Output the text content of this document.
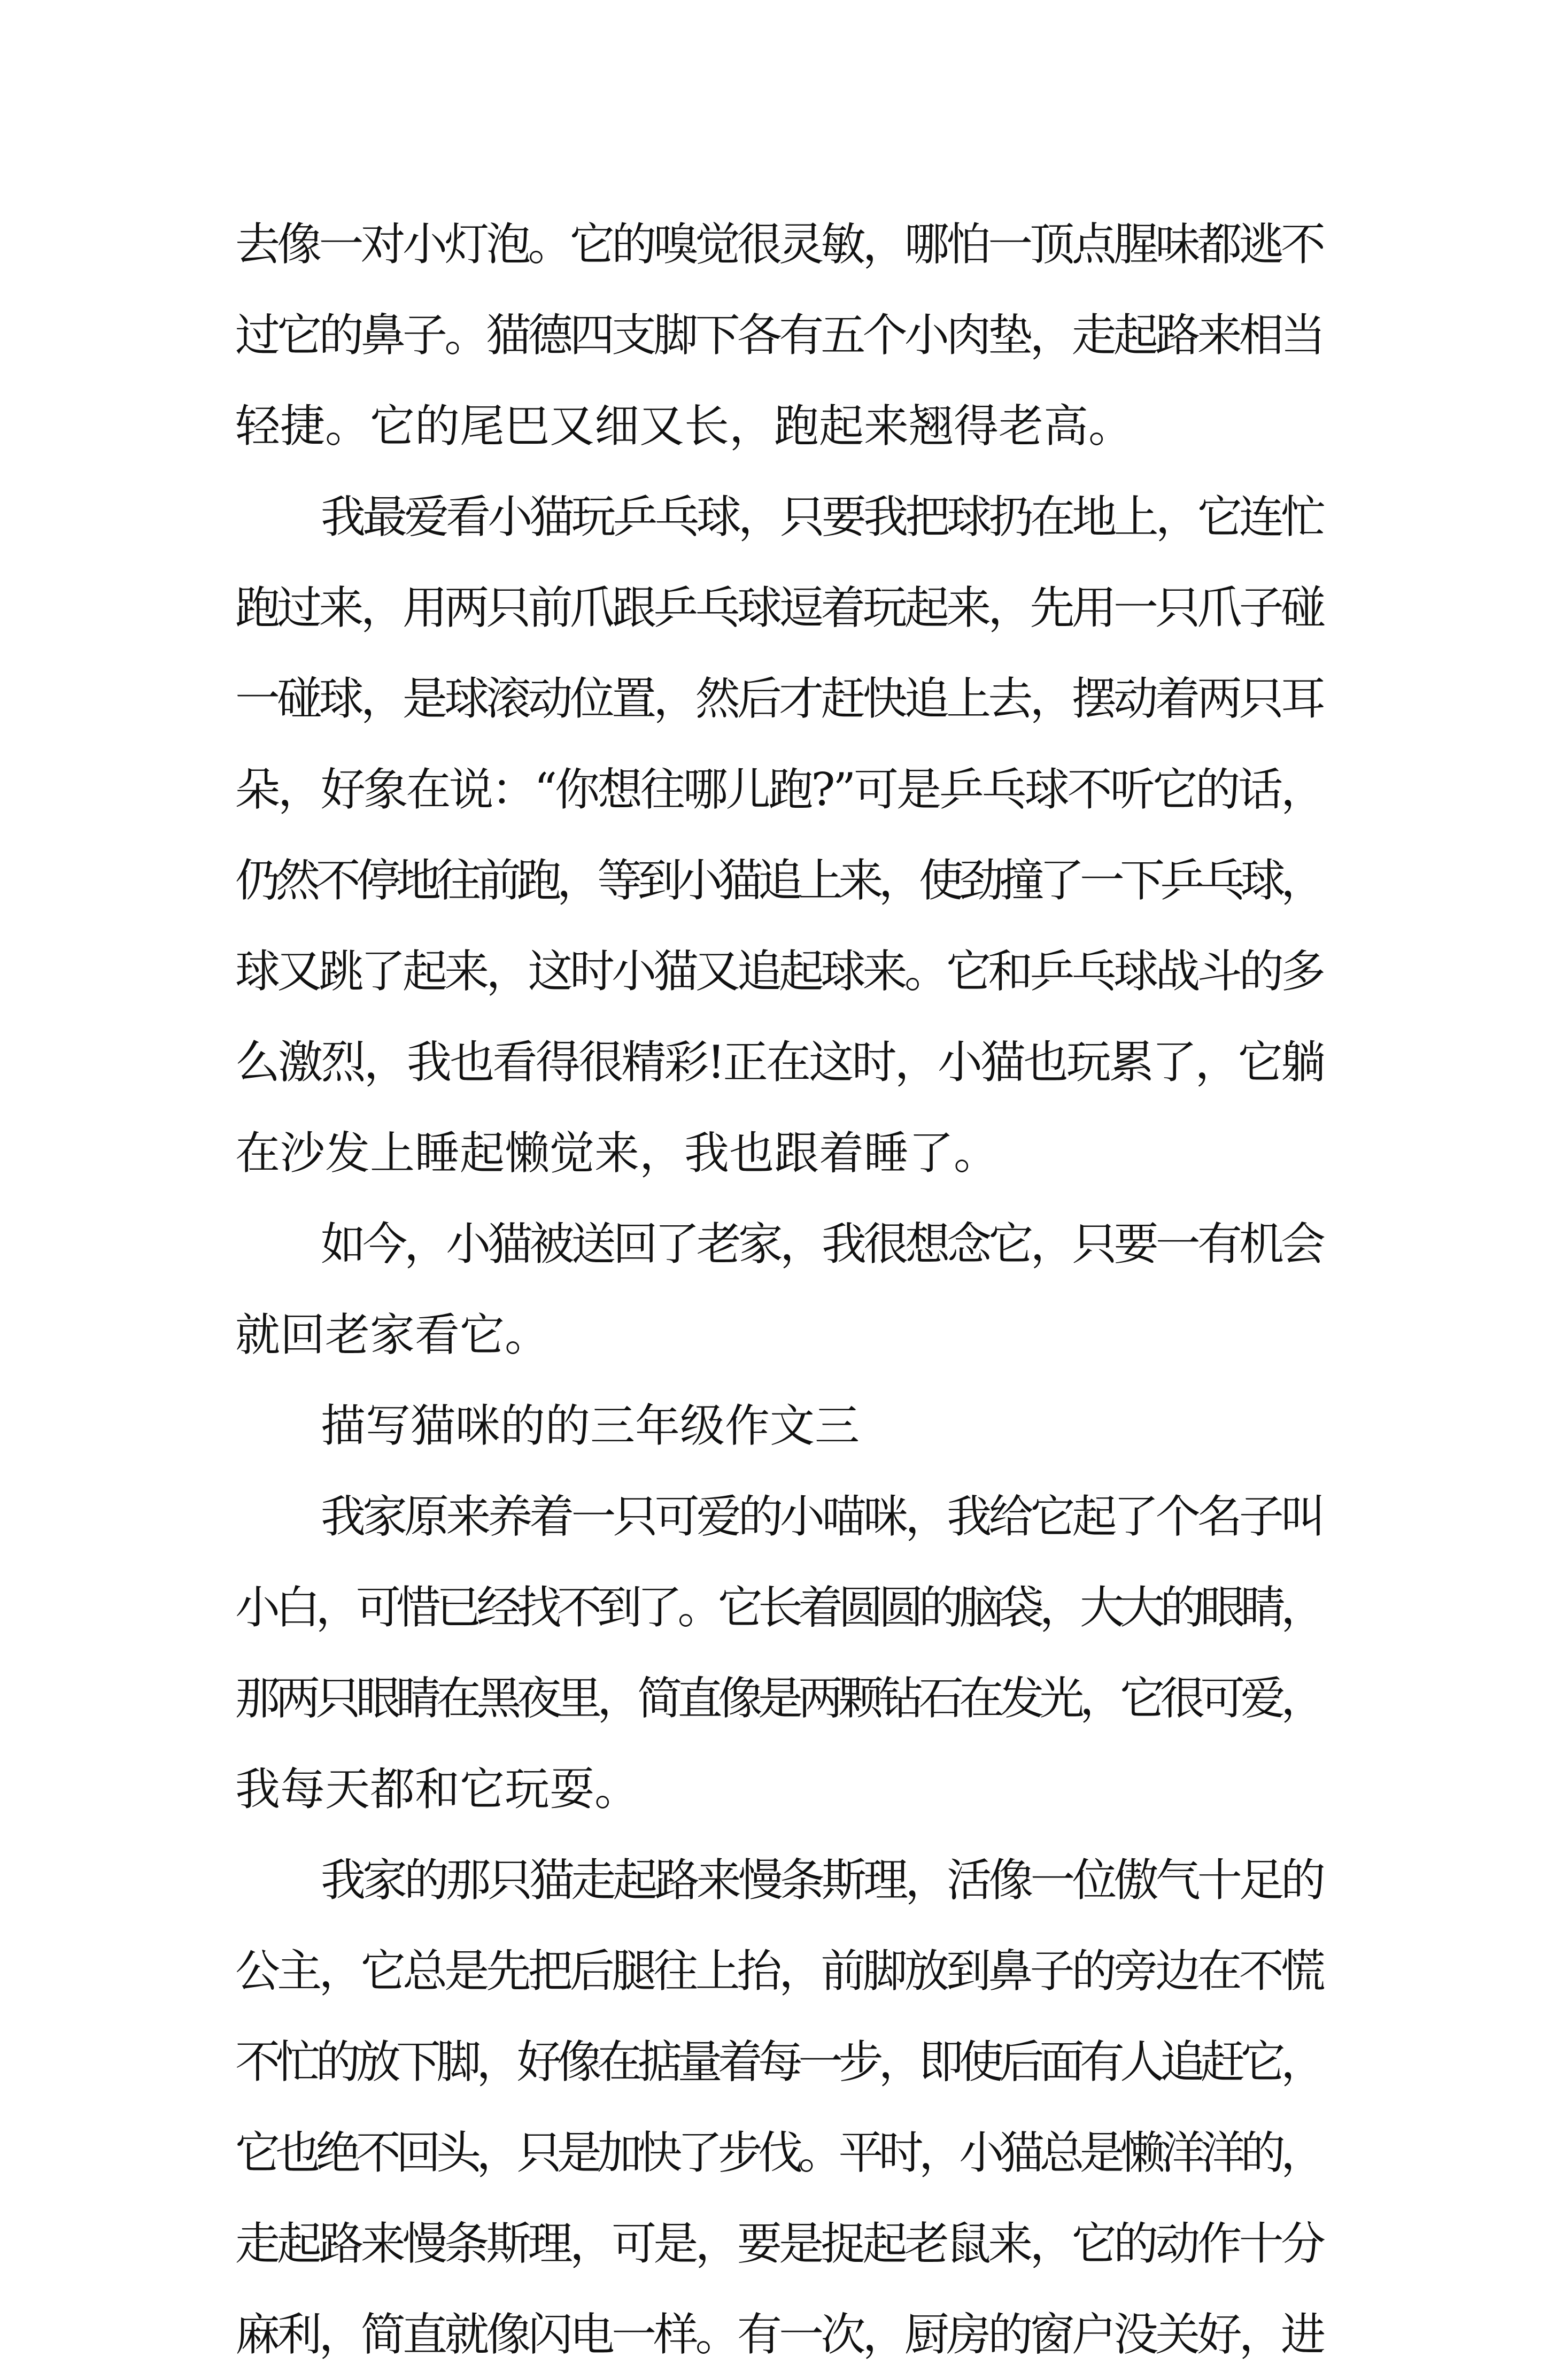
去像一对小灯泡。它的嗅觉很灵敏，哪怕一顶点腥味都逃不
过它的鼻子。猫德四支脚下各有五个小肉垫，走起路来相当
轻捷。它的尾巴又细又长，跑起来翘得老高。
我最爱看小猫玩乒乓球，只要我把球扔在地上，它连忙
跑过来，用两只前爪跟乒乓球逗着玩起来，先用一只爪子碰
一碰球，是球滚动位置，然后才赶快追上去，摆动着两只耳
朵，好象在说：“你想往哪儿跑?”可是乒乓球不听它的话，
仍然不停地往前跑，等到小猫追上来，使劲撞了一下乒乓球，
球又跳了起来，这时小猫又追起球来。它和乒乓球战斗的多
么激烈，我也看得很精彩!正在这时，小猫也玩累了，它躺
在沙发上睡起懒觉来，我也跟着睡了。
如今，小猫被送回了老家，我很想念它，只要一有机会
就回老家看它。
描写猫咪的的三年级作文三
我家原来养着一只可爱的小喵咪，我给它起了个名子叫
小白，可惜已经找不到了。它长着圆圆的脑袋，大大的眼睛，
那两只眼睛在黑夜里，简直像是两颗钻石在发光，它很可爱，
我每天都和它玩耍。
我家的那只猫走起路来慢条斯理，活像一位傲气十足的
公主，它总是先把后腿往上抬，前脚放到鼻子的旁边在不慌
不忙的放下脚，好像在掂量着每一步，即使后面有人追赶它，
它也绝不回头，只是加快了步伐。平时，小猫总是懒洋洋的，
走起路来慢条斯理，可是，要是捉起老鼠来，它的动作十分
麻利，简直就像闪电一样。有一次，厨房的窗户没关好，进
